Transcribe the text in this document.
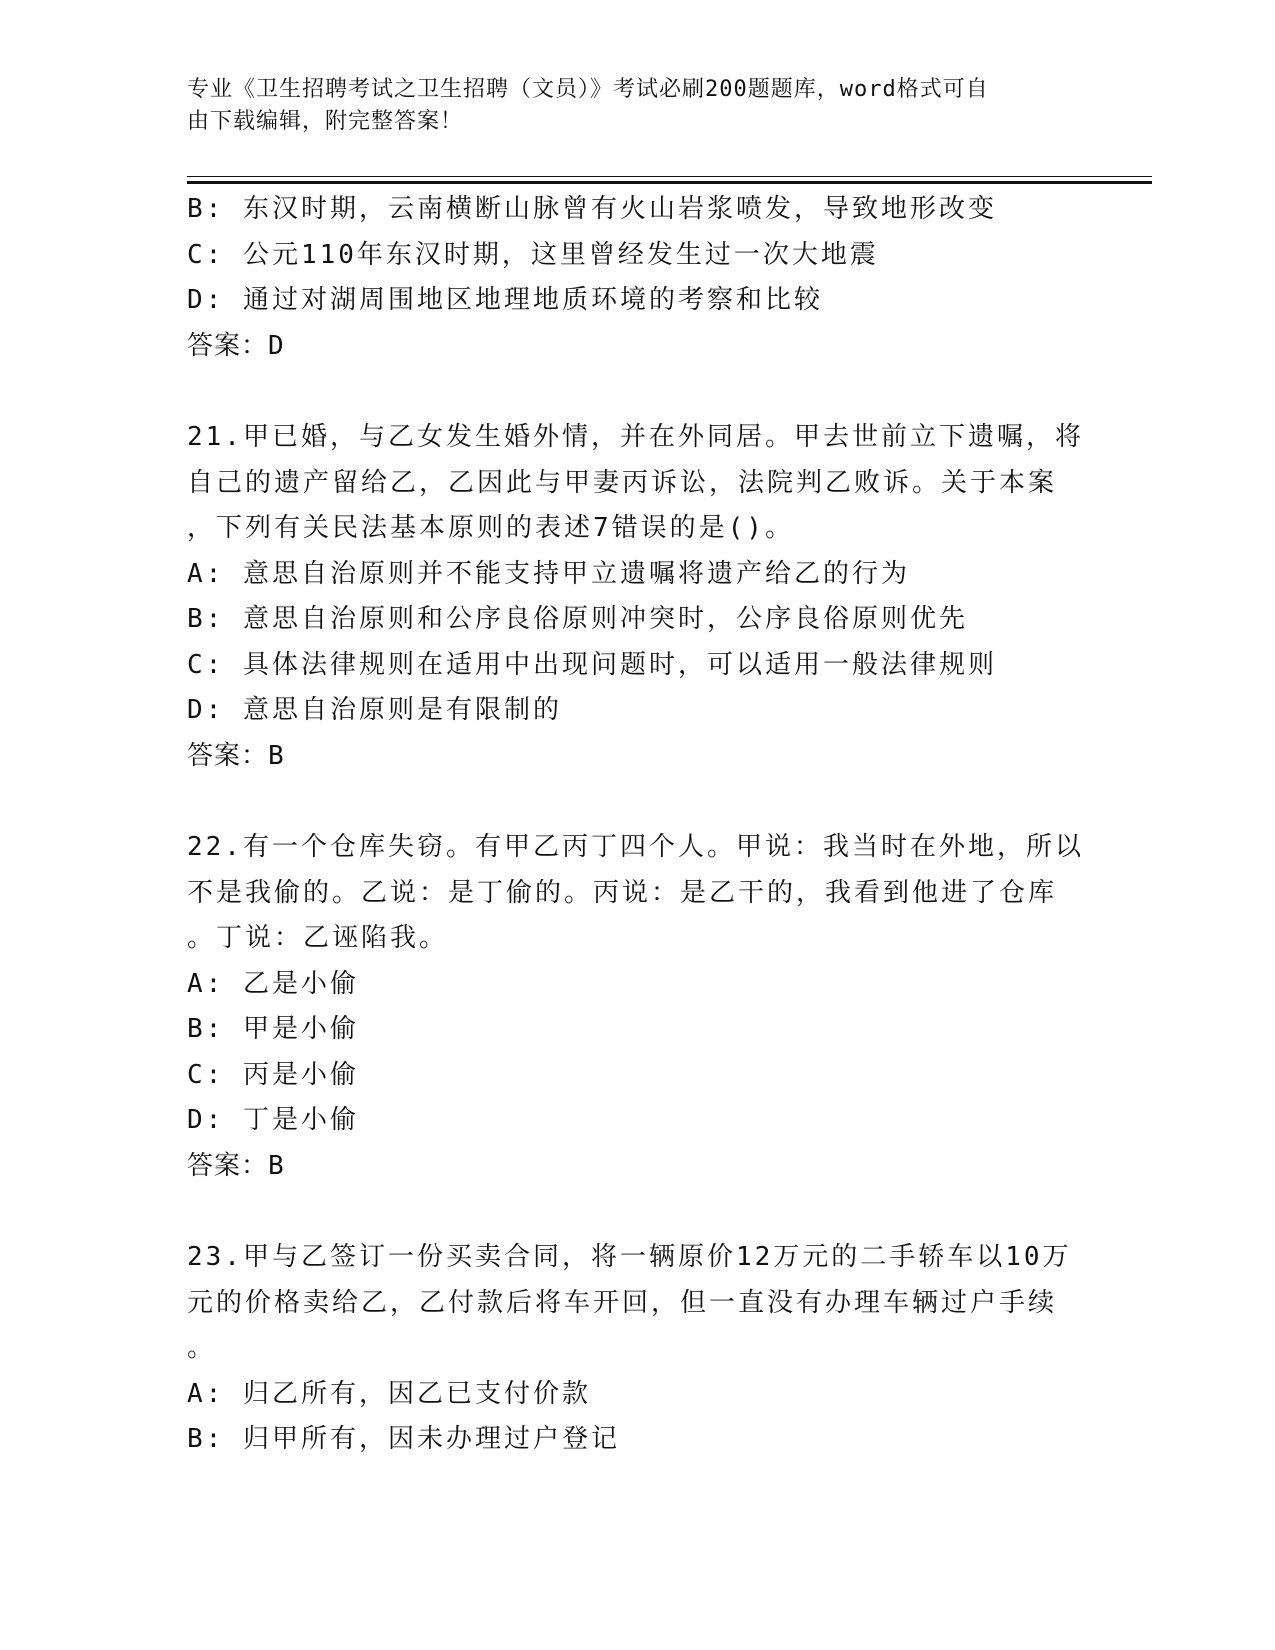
专业《卫生招聘考试之卫生招聘（文员）》考试必刷200题题库，word格式可自
由下载编辑，附完整答案！
B: 东汉时期，云南横断山脉曾有火山岩浆喷发，导致地形改变
C: 公元110年东汉时期，这里曾经发生过一次大地震
D: 通过对湖周围地区地理地质环境的考察和比较
答案：D
21.甲已婚，与乙女发生婚外情，并在外同居。甲去世前立下遗嘱，将
自己的遗产留给乙，乙因此与甲妻丙诉讼，法院判乙败诉。关于本案
，下列有关民法基本原则的表述7错误的是()。
A: 意思自治原则并不能支持甲立遗嘱将遗产给乙的行为
B: 意思自治原则和公序良俗原则冲突时，公序良俗原则优先
C: 具体法律规则在适用中出现问题时，可以适用一般法律规则
D: 意思自治原则是有限制的
答案：B
22.有一个仓库失窃。有甲乙丙丁四个人。甲说：我当时在外地，所以
不是我偷的。乙说：是丁偷的。丙说：是乙干的，我看到他进了仓库
。丁说：乙诬陷我。
A: 乙是小偷
B: 甲是小偷
C: 丙是小偷
D: 丁是小偷
答案：B
23.甲与乙签订一份买卖合同，将一辆原价12万元的二手轿车以10万
元的价格卖给乙，乙付款后将车开回，但一直没有办理车辆过户手续
。
A: 归乙所有，因乙已支付价款
B: 归甲所有，因未办理过户登记
